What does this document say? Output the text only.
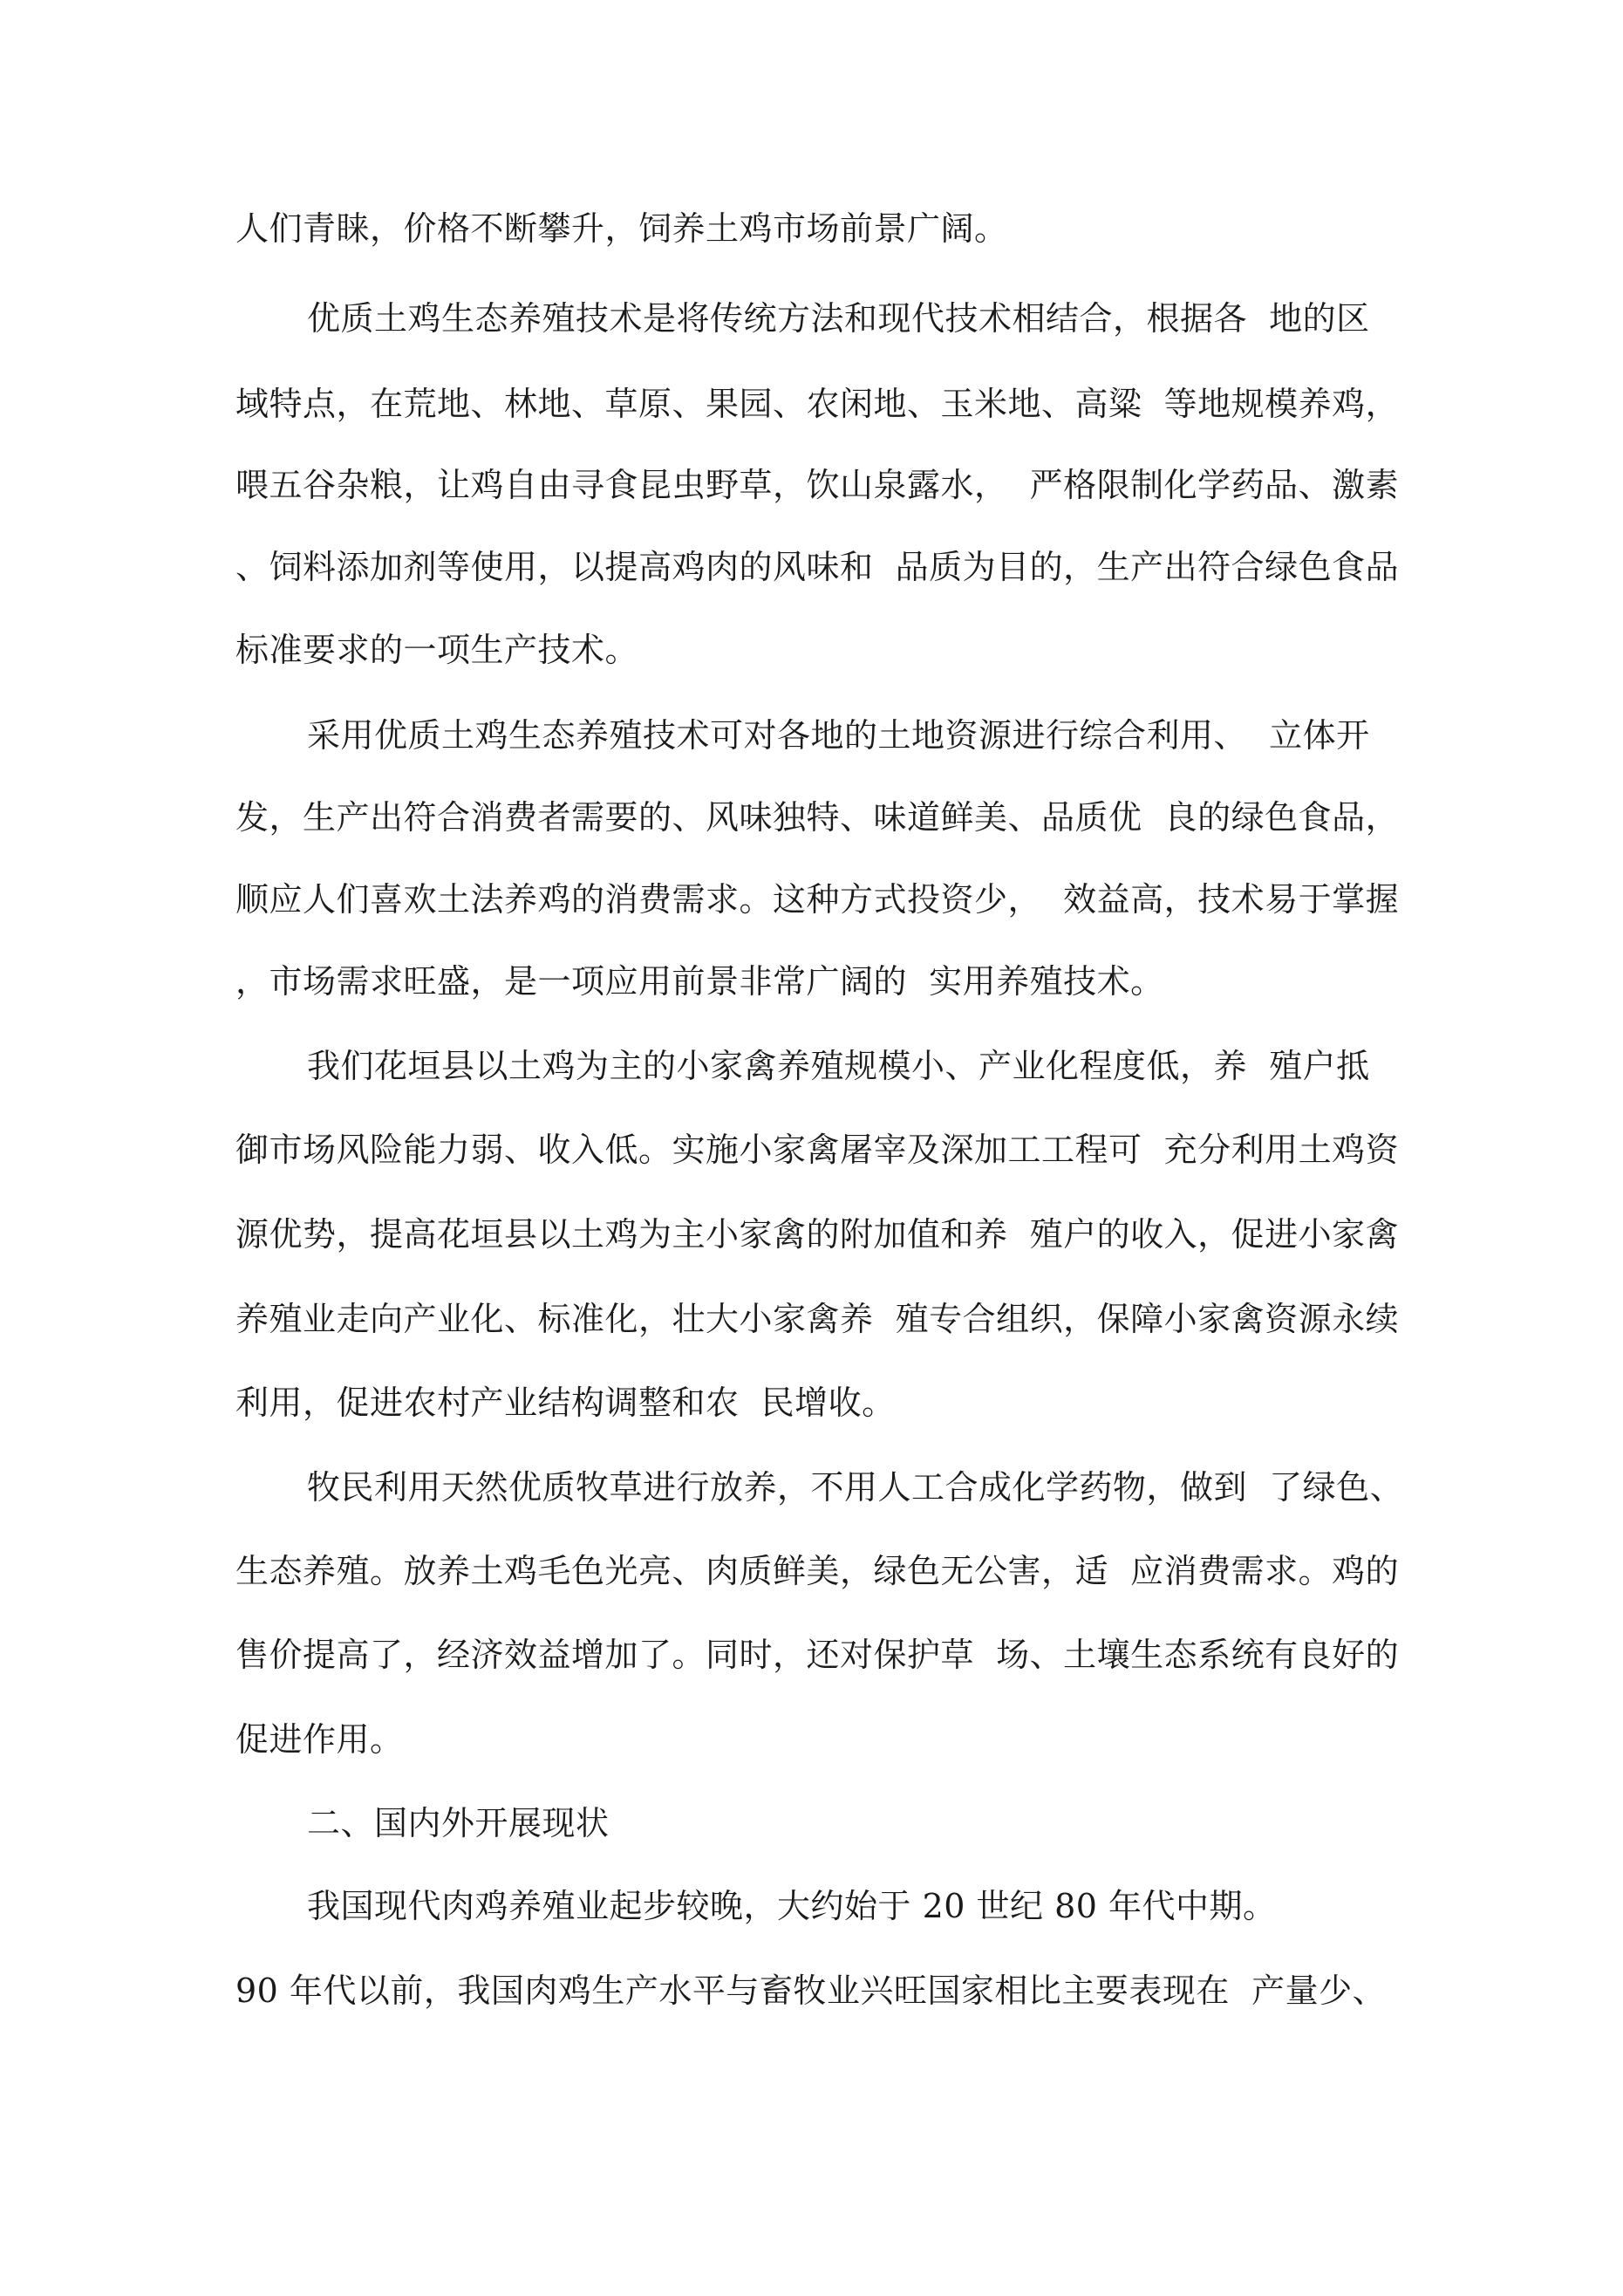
人们青睐，价格不断攀升，饲养土鸡市场前景广阔。
优质土鸡生态养殖技术是将传统方法和现代技术相结合，根据各  地的区
域特点，在荒地、林地、草原、果园、农闲地、玉米地、高粱  等地规模养鸡，
喂五谷杂粮，让鸡自由寻食昆虫野草，饮山泉露水，  严格限制化学药品、激素
、饲料添加剂等使用，以提高鸡肉的风味和  品质为目的，生产出符合绿色食品
标准要求的一项生产技术。
采用优质土鸡生态养殖技术可对各地的土地资源进行综合利用、  立体开
发，生产出符合消费者需要的、风味独特、味道鲜美、品质优  良的绿色食品，
顺应人们喜欢土法养鸡的消费需求。这种方式投资少，  效益高，技术易于掌握
，市场需求旺盛，是一项应用前景非常广阔的  实用养殖技术。
我们花垣县以土鸡为主的小家禽养殖规模小、产业化程度低，养  殖户抵
御市场风险能力弱、收入低。实施小家禽屠宰及深加工工程可  充分利用土鸡资
源优势，提高花垣县以土鸡为主小家禽的附加值和养  殖户的收入，促进小家禽
养殖业走向产业化、标准化，壮大小家禽养  殖专合组织，保障小家禽资源永续
利用，促进农村产业结构调整和农  民增收。
牧民利用天然优质牧草进行放养，不用人工合成化学药物，做到  了绿色、
生态养殖。放养土鸡毛色光亮、肉质鲜美，绿色无公害，适  应消费需求。鸡的
售价提高了，经济效益增加了。同时，还对保护草  场、土壤生态系统有良好的
促进作用。
二、国内外开展现状
我国现代肉鸡养殖业起步较晚，大约始于 20 世纪 80 年代中期。
90 年代以前，我国肉鸡生产水平与畜牧业兴旺国家相比主要表现在  产量少、
